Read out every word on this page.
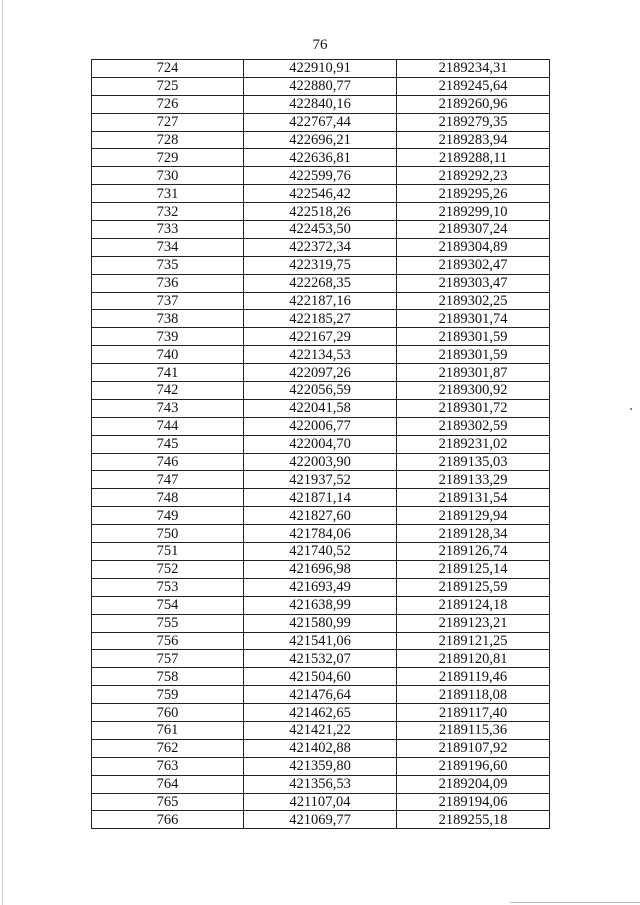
76
724	422910,91	2189234,31
725	422880,77	2189245,64
726	422840,16	2189260,96
727	422767,44	2189279,35
728	422696,21	2189283,94
729	422636,81	2189288,11
730	422599,76	2189292,23
731	422546,42	2189295,26
732	422518,26	2189299,10
733	422453,50	2189307,24
734	422372,34	2189304,89
735	422319,75	2189302,47
736	422268,35	2189303,47
737	422187,16	2189302,25
738	422185,27	2189301,74
739	422167,29	2189301,59
740	422134,53	2189301,59
741	422097,26	2189301,87
742	422056,59	2189300,92
743	422041,58	2189301,72
744	422006,77	2189302,59
745	422004,70	2189231,02
746	422003,90	2189135,03
747	421937,52	2189133,29
748	421871,14	2189131,54
749	421827,60	2189129,94
750	421784,06	2189128,34
751	421740,52	2189126,74
752	421696,98	2189125,14
753	421693,49	2189125,59
754	421638,99	2189124,18
755	421580,99	2189123,21
756	421541,06	2189121,25
757	421532,07	2189120,81
758	421504,60	2189119,46
759	421476,64	2189118,08
760	421462,65	2189117,40
761	421421,22	2189115,36
762	421402,88	2189107,92
763	421359,80	2189196,60
764	421356,53	2189204,09
765	421107,04	2189194,06
766	421069,77	2189255,18
